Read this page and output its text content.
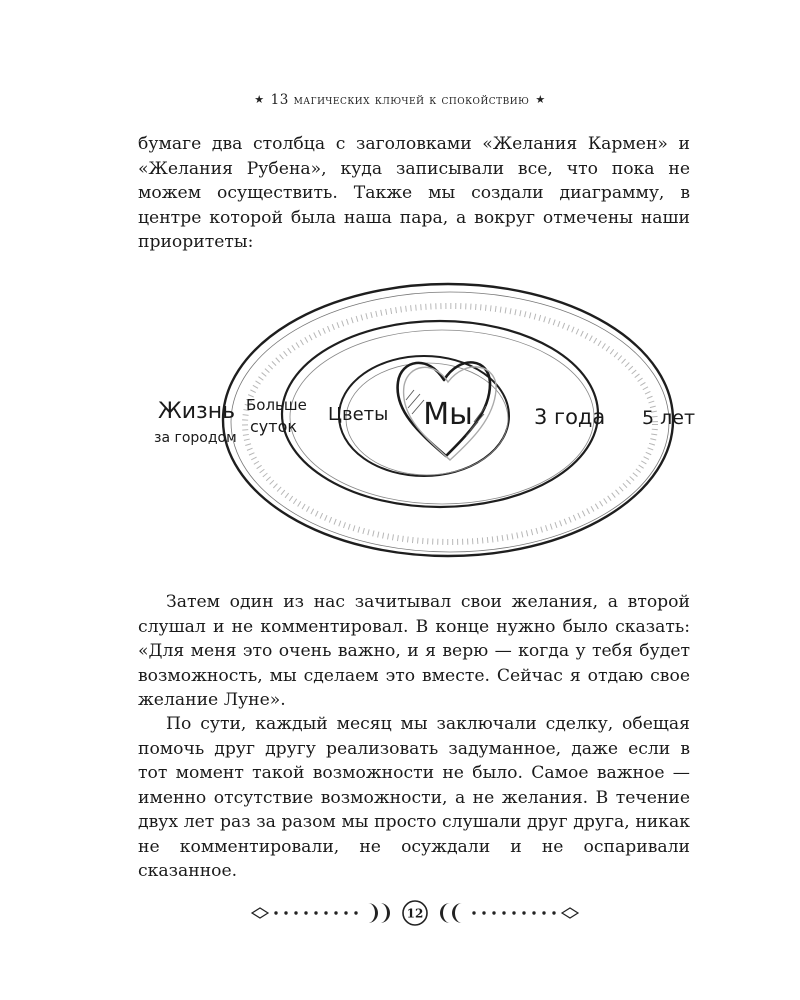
★ 13 магических ключей к спокойствию ★

бумаге два столбца с заголовками «Желания Кармен» и «Желания Рубена», куда записывали все, что пока не можем осуществить. Также мы создали диаграмму, в центре которой была наша пара, а вокруг отмечены наши приоритеты:

Мы
Цветы	3 года
Больше
суток	5 лет
Жизнь
за городом

Затем один из нас зачитывал свои желания, а второй слушал и не комментировал. В конце нужно было сказать: «Для меня это очень важно, и я верю — когда у тебя будет возможность, мы сделаем это вместе. Сейчас я отдаю свое желание Луне».

По сути, каждый месяц мы заключали сделку, обещая помочь друг другу реализовать задуманное, даже если в тот момент такой возможности не было. Самое важное — именно отсутствие возможности, а не желания. В течение двух лет раз за разом мы просто слушали друг друга, никак не комментировали, не осуждали и не оспаривали сказанное.

12
